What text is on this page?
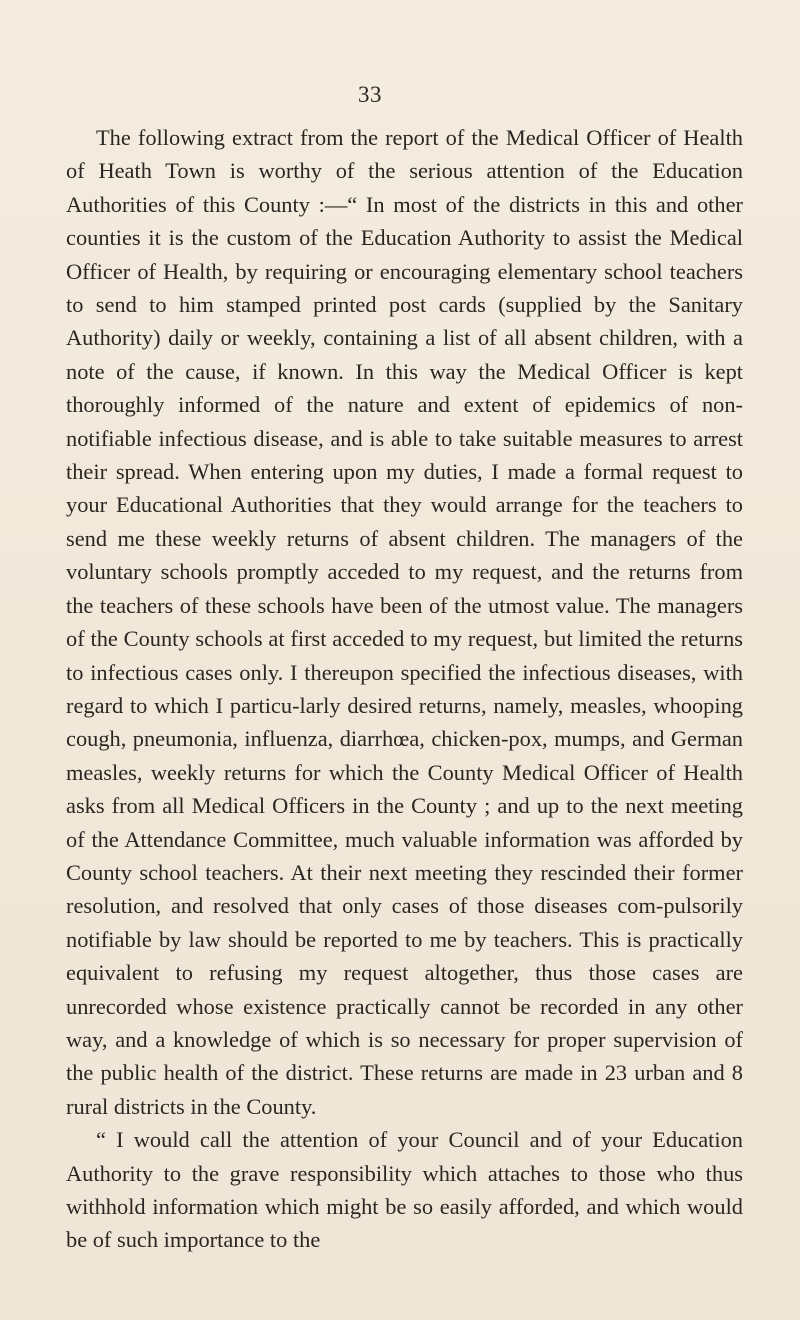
33

The following extract from the report of the Medical Officer of Health of Heath Town is worthy of the serious attention of the Education Authorities of this County :—“ In most of the districts in this and other counties it is the custom of the Education Authority to assist the Medical Officer of Health, by requiring or encouraging elementary school teachers to send to him stamped printed post cards (supplied by the Sanitary Authority) daily or weekly, containing a list of all absent children, with a note of the cause, if known. In this way the Medical Officer is kept thoroughly informed of the nature and extent of epidemics of non-notifiable infectious disease, and is able to take suitable measures to arrest their spread. When entering upon my duties, I made a formal request to your Educational Authorities that they would arrange for the teachers to send me these weekly returns of absent children. The managers of the voluntary schools promptly acceded to my request, and the returns from the teachers of these schools have been of the utmost value. The managers of the County schools at first acceded to my request, but limited the returns to infectious cases only. I thereupon specified the infectious diseases, with regard to which I particu-larly desired returns, namely, measles, whooping cough, pneumonia, influenza, diarrhœa, chicken-pox, mumps, and German measles, weekly returns for which the County Medical Officer of Health asks from all Medical Officers in the County ; and up to the next meeting of the Attendance Committee, much valuable information was afforded by County school teachers. At their next meeting they rescinded their former resolution, and resolved that only cases of those diseases com-pulsorily notifiable by law should be reported to me by teachers. This is practically equivalent to refusing my request altogether, thus those cases are unrecorded whose existence practically cannot be recorded in any other way, and a knowledge of which is so necessary for proper supervision of the public health of the district. These returns are made in 23 urban and 8 rural districts in the County.

“ I would call the attention of your Council and of your Education Authority to the grave responsibility which attaches to those who thus withhold information which might be so easily afforded, and which would be of such importance to the
